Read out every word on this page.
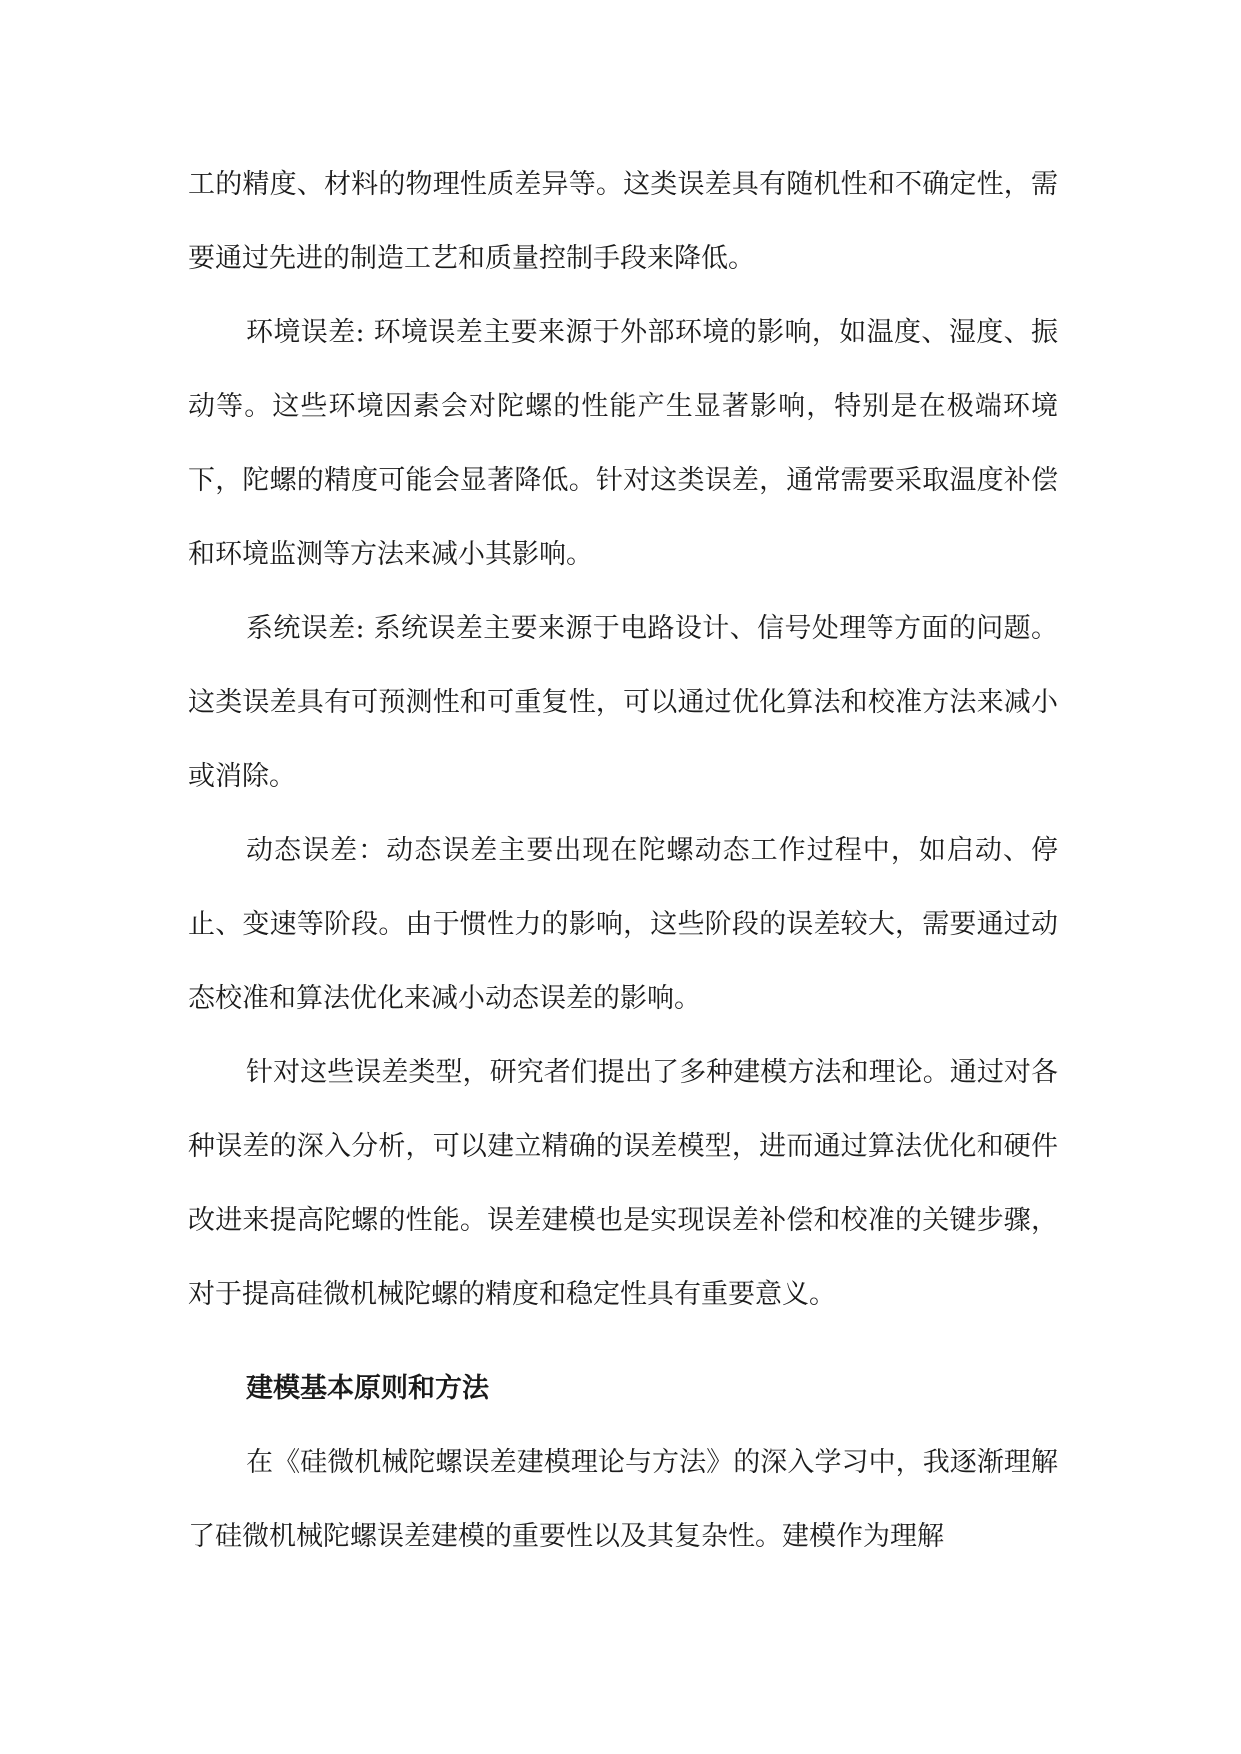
工的精度、材料的物理性质差异等。这类误差具有随机性和不确定性，需要通过先进的制造工艺和质量控制手段来降低。

环境误差: 环境误差主要来源于外部环境的影响，如温度、湿度、振动等。这些环境因素会对陀螺的性能产生显著影响，特别是在极端环境下，陀螺的精度可能会显著降低。针对这类误差，通常需要采取温度补偿和环境监测等方法来减小其影响。

系统误差: 系统误差主要来源于电路设计、信号处理等方面的问题。这类误差具有可预测性和可重复性，可以通过优化算法和校准方法来减小或消除。

动态误差：动态误差主要出现在陀螺动态工作过程中，如启动、停止、变速等阶段。由于惯性力的影响，这些阶段的误差较大，需要通过动态校准和算法优化来减小动态误差的影响。

针对这些误差类型，研究者们提出了多种建模方法和理论。通过对各种误差的深入分析，可以建立精确的误差模型，进而通过算法优化和硬件改进来提高陀螺的性能。误差建模也是实现误差补偿和校准的关键步骤，对于提高硅微机械陀螺的精度和稳定性具有重要意义。

建模基本原则和方法

在《硅微机械陀螺误差建模理论与方法》的深入学习中，我逐渐理解了硅微机械陀螺误差建模的重要性以及其复杂性。建模作为理解
